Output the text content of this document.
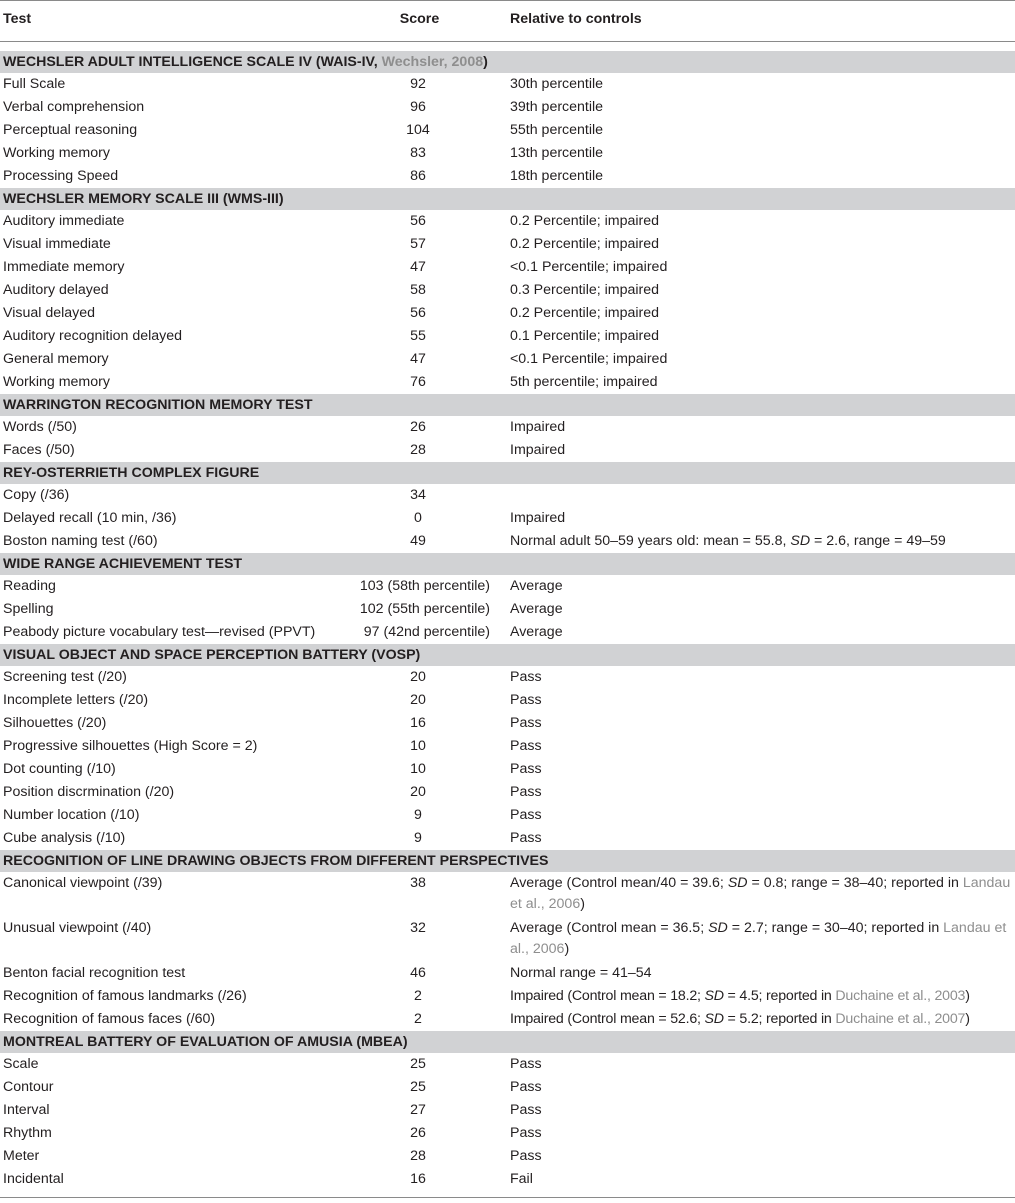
Test	Score	Relative to controls

WECHSLER ADULT INTELLIGENCE SCALE IV (WAIS-IV, Wechsler, 2008)		
Full Scale	92	30th percentile
Verbal comprehension	96	39th percentile
Perceptual reasoning	104	55th percentile
Working memory	83	13th percentile
Processing Speed	86	18th percentile
WECHSLER MEMORY SCALE III (WMS-III)		
Auditory immediate	56	0.2 Percentile; impaired
Visual immediate	57	0.2 Percentile; impaired
Immediate memory	47	<0.1 Percentile; impaired
Auditory delayed	58	0.3 Percentile; impaired
Visual delayed	56	0.2 Percentile; impaired
Auditory recognition delayed	55	0.1 Percentile; impaired
General memory	47	<0.1 Percentile; impaired
Working memory	76	5th percentile; impaired
WARRINGTON RECOGNITION MEMORY TEST		
Words (/50)	26	Impaired
Faces (/50)	28	Impaired
REY-OSTERRIETH COMPLEX FIGURE		
Copy (/36)	34	
Delayed recall (10 min, /36)	0	Impaired
Boston naming test (/60)	49	Normal adult 50–59 years old: mean = 55.8, SD = 2.6, range = 49–59
WIDE RANGE ACHIEVEMENT TEST		
Reading	103 (58th percentile)	Average
Spelling	102 (55th percentile)	Average
Peabody picture vocabulary test—revised (PPVT)	97 (42nd percentile)	Average
VISUAL OBJECT AND SPACE PERCEPTION BATTERY (VOSP)		
Screening test (/20)	20	Pass
Incomplete letters (/20)	20	Pass
Silhouettes (/20)	16	Pass
Progressive silhouettes (High Score = 2)	10	Pass
Dot counting (/10)	10	Pass
Position discrmination (/20)	20	Pass
Number location (/10)	9	Pass
Cube analysis (/10)	9	Pass
RECOGNITION OF LINE DRAWING OBJECTS FROM DIFFERENT PERSPECTIVES		
Canonical viewpoint (/39)	38	Average (Control mean/40 = 39.6; SD = 0.8; range = 38–40; reported in Landau et al., 2006)
Unusual viewpoint (/40)	32	Average (Control mean = 36.5; SD = 2.7; range = 30–40; reported in Landau et al., 2006)
Benton facial recognition test	46	Normal range = 41–54
Recognition of famous landmarks (/26)	2	Impaired (Control mean = 18.2; SD = 4.5; reported in Duchaine et al., 2003)
Recognition of famous faces (/60)	2	Impaired (Control mean = 52.6; SD = 5.2; reported in Duchaine et al., 2007)
MONTREAL BATTERY OF EVALUATION OF AMUSIA (MBEA)		
Scale	25	Pass
Contour	25	Pass
Interval	27	Pass
Rhythm	26	Pass
Meter	28	Pass
Incidental	16	Fail
